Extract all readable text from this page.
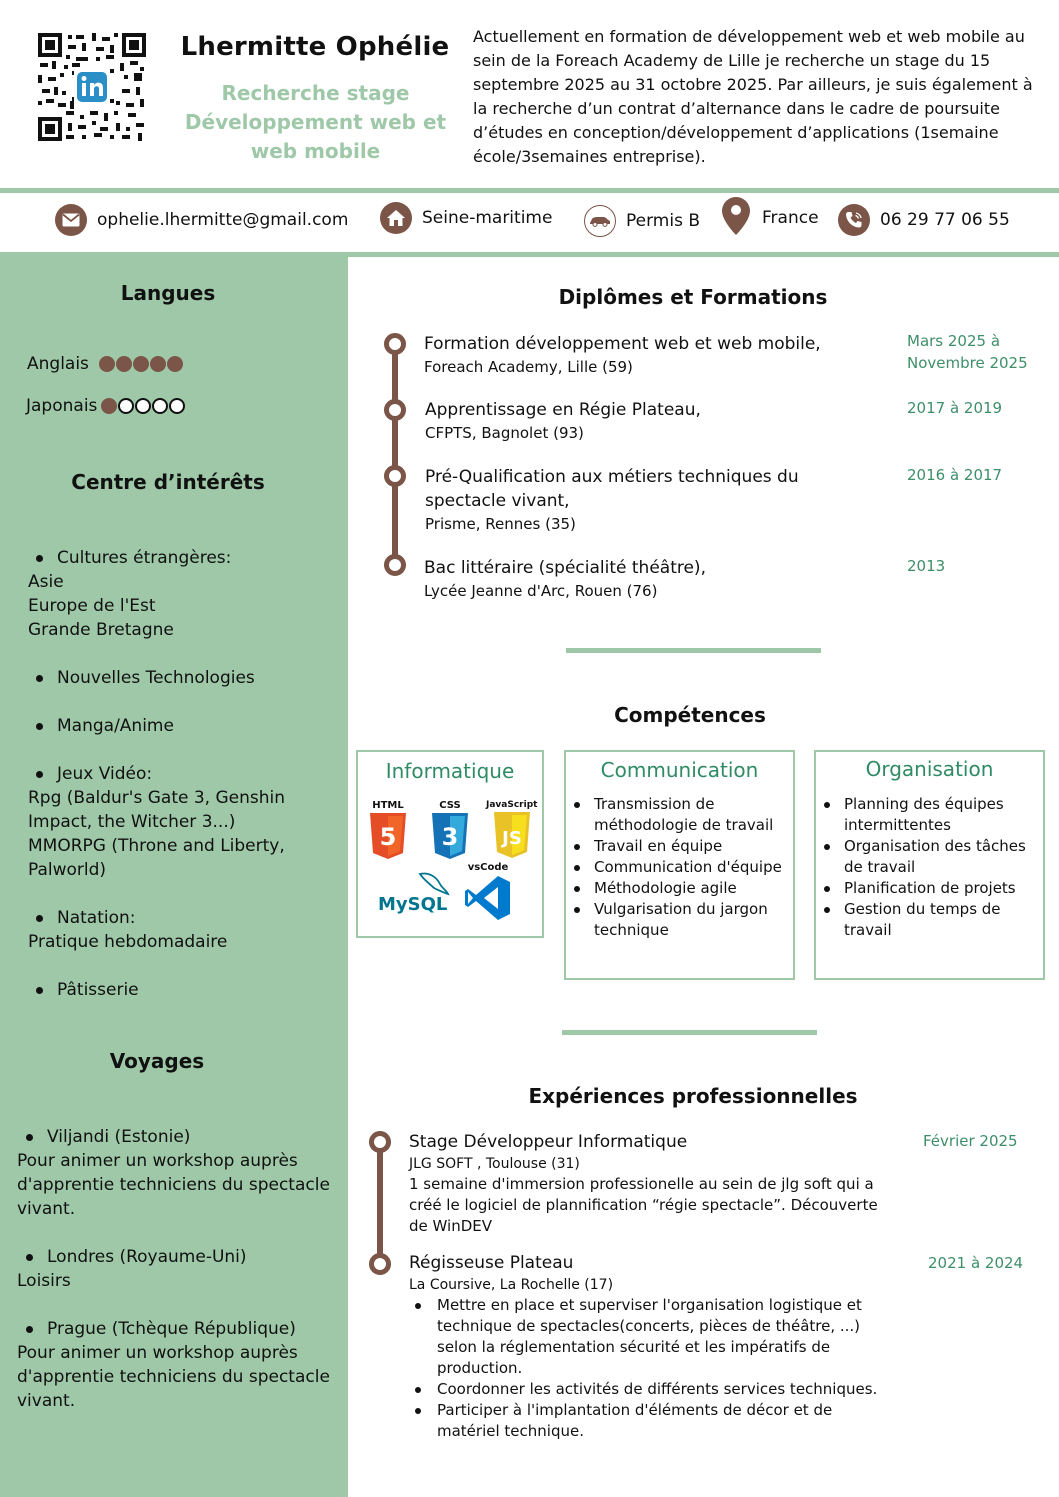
Lhermitte Ophélie
Recherche stage Développement web et web mobile
Actuellement en formation de développement web et web mobile au sein de la Foreach Academy de Lille je recherche un stage du 15 septembre 2025 au 31 octobre 2025. Par ailleurs, je suis également à la recherche d’un contrat d’alternance dans le cadre de poursuite d’études en conception/développement d’applications (1semaine école/3semaines entreprise).
ophelie.lhermitte@gmail.com	Seine-maritime	Permis B	France	06 29 77 06 55
Langues
Anglais
Japonais
Centre d’intérêts
Cultures étrangères:
Asie
Europe de l'Est
Grande Bretagne
Nouvelles Technologies
Manga/Anime
Jeux Vidéo:
Rpg (Baldur's Gate 3, Genshin
Impact, the Witcher 3...)
MMORPG (Throne and Liberty,
Palworld)
Natation:
Pratique hebdomadaire
Pâtisserie
Voyages
Viljandi (Estonie)
Pour animer un workshop auprès
d'apprentie techniciens du spectacle
vivant.
Londres (Royaume-Uni)
Loisirs
Prague (Tchèque République)
Pour animer un workshop auprès
d'apprentie techniciens du spectacle
vivant.
Diplômes et Formations
Formation développement web et web mobile,
Foreach Academy, Lille (59)
Mars 2025 à
Novembre 2025
Apprentissage en Régie Plateau,
CFPTS, Bagnolet (93)
2017 à 2019
Pré-Qualification aux métiers techniques du
spectacle vivant,
Prisme, Rennes (35)
2016 à 2017
Bac littéraire (spécialité théâtre),
Lycée Jeanne d'Arc, Rouen (76)
2013
Compétences
Informatique
HTML
5
CSS
3
JavaScript
JS
MySQL
vsCode
Communication
Transmission de méthodologie de travail
Travail en équipe
Communication d'équipe
Méthodologie agile
Vulgarisation du jargon technique
Organisation
Planning des équipes intermittentes
Organisation des tâches de travail
Planification de projets
Gestion du temps de travail
Expériences professionnelles
Stage Développeur Informatique
JLG SOFT , Toulouse (31)
1 semaine d'immersion professionelle au sein de jlg soft qui a créé le logiciel de plannification “régie spectacle”. Découverte de WinDEV
Février 2025
Régisseuse Plateau
La Coursive, La Rochelle (17)
Mettre en place et superviser l'organisation logistique et technique de spectacles(concerts, pièces de théâtre, ...) selon la réglementation sécurité et les impératifs de production.
Coordonner les activités de différents services techniques.
Participer à l'implantation d'éléments de décor et de matériel technique.
2021 à 2024
